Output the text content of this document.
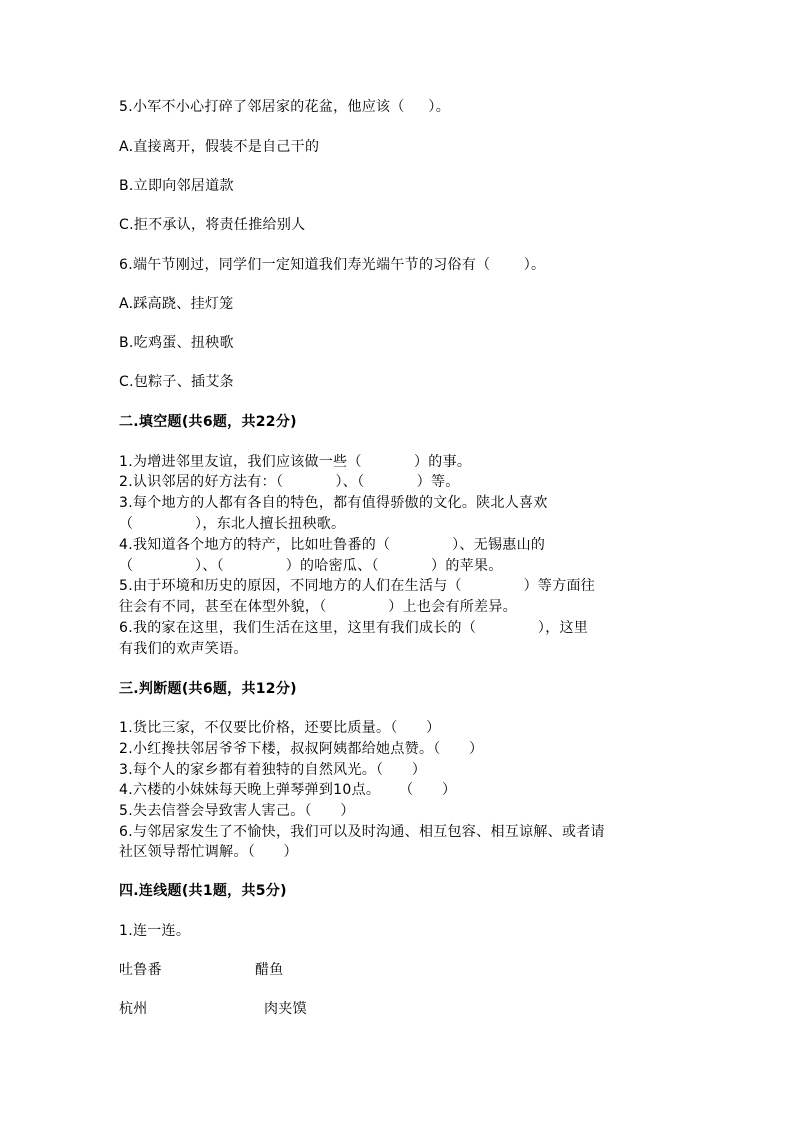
5.小军不小心打碎了邻居家的花盆，他应该（     ）。
A.直接离开，假装不是自己干的
B.立即向邻居道款
C.拒不承认，将责任推给别人
6.端午节刚过，同学们一定知道我们寿光端午节的习俗有（       ）。
A.踩高跷、挂灯笼
B.吃鸡蛋、扭秧歌
C.包粽子、插艾条
二.填空题(共6题，共22分)
1.为增进邻里友谊，我们应该做一些（           ）的事。
2.认识邻居的好方法有：（           ）、（           ）等。
3.每个地方的人都有各自的特色，都有值得骄傲的文化。陕北人喜欢
（             ），东北人擅长扭秧歌。
4.我知道各个地方的特产，比如吐鲁番的（             ）、无锡惠山的
（             ）、（             ）的哈密瓜、（           ）的苹果。
5.由于环境和历史的原因，不同地方的人们在生活与（             ）等方面往
往会有不同，甚至在体型外貌，（             ）上也会有所差异。
6.我的家在这里，我们生活在这里，这里有我们成长的（             ），这里
有我们的欢声笑语。
三.判断题(共6题，共12分)
1.货比三家，不仅要比价格，还要比质量。（      ）
2.小红搀扶邻居爷爷下楼，叔叔阿姨都给她点赞。（      ）
3.每个人的家乡都有着独特的自然风光。（      ）
4.六楼的小妹妹每天晚上弹琴弹到10点。    （      ）
5.失去信誉会导致害人害己。（      ）
6.与邻居家发生了不愉快，我们可以及时沟通、相互包容、相互谅解、或者请
社区领导帮忙调解。（      ）
四.连线题(共1题，共5分)
1.连一连。
吐鲁番	醋鱼
杭州	肉夹馍
